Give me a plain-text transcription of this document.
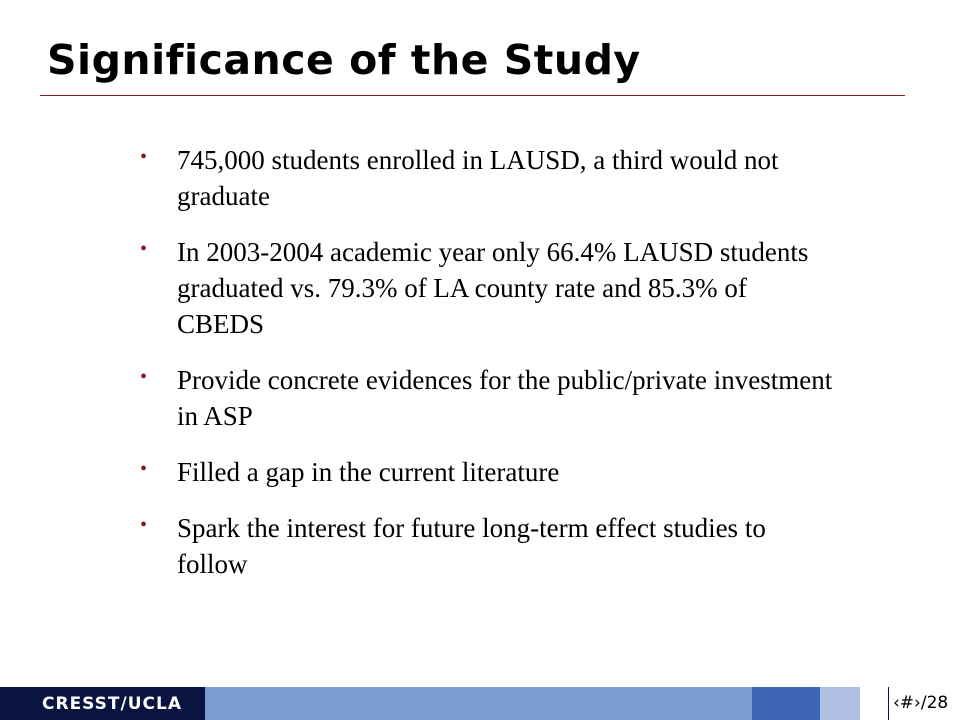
Significance of the Study
• 745,000 students enrolled in LAUSD, a third would not graduate
• In 2003-2004 academic year only 66.4% LAUSD students graduated vs. 79.3% of LA county rate and 85.3% of CBEDS
• Provide concrete evidences for the public/private investment in ASP
• Filled a gap in the current literature
• Spark the interest for future long-term effect studies to follow
CRESST/UCLA	‹#›/28
